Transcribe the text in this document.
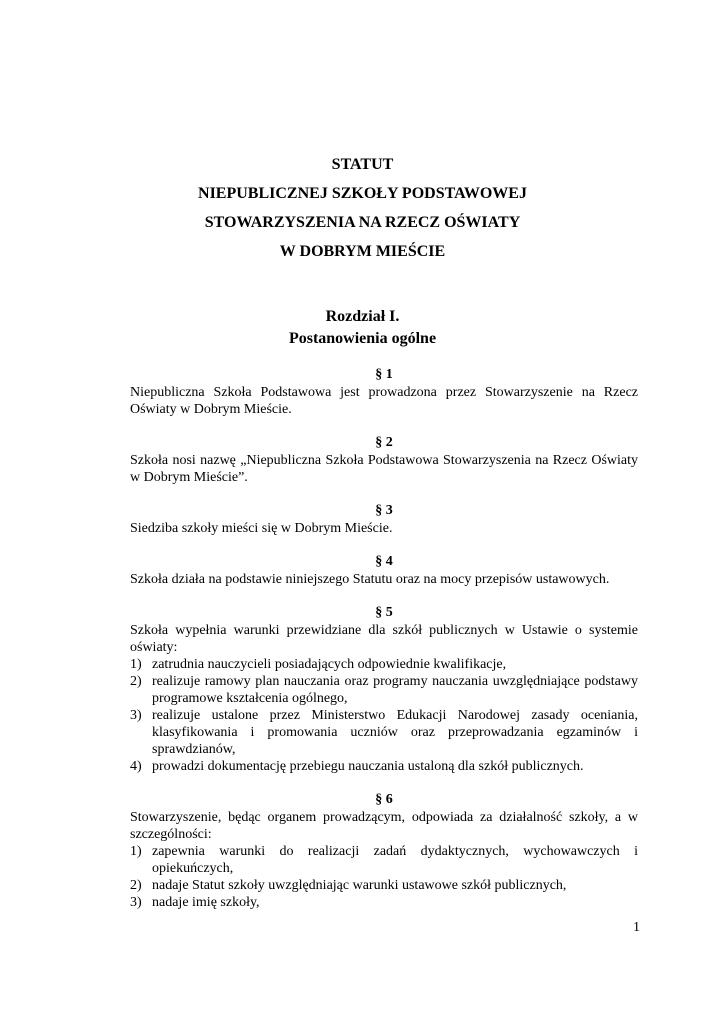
STATUT
NIEPUBLICZNEJ SZKOŁY PODSTAWOWEJ
STOWARZYSZENIA NA RZECZ OŚWIATY
W DOBRYM MIEŚCIE
Rozdział I.
Postanowienia ogólne
§ 1

Niepubliczna Szkoła Podstawowa jest prowadzona przez Stowarzyszenie na Rzecz Oświaty w Dobrym Mieście.

§ 2

Szkoła nosi nazwę „Niepubliczna Szkoła Podstawowa Stowarzyszenia na Rzecz Oświaty w Dobrym Mieście”.

§ 3

Siedziba szkoły mieści się w Dobrym Mieście.

§ 4

Szkoła działa na podstawie niniejszego Statutu oraz na mocy przepisów ustawowych.

§ 5

Szkoła wypełnia warunki przewidziane dla szkół publicznych w Ustawie o systemie oświaty:

1) zatrudnia nauczycieli posiadających odpowiednie kwalifikacje,
2) realizuje ramowy plan nauczania oraz programy nauczania uwzględniające podstawy programowe kształcenia ogólnego,
3) realizuje ustalone przez Ministerstwo Edukacji Narodowej zasady oceniania, klasyfikowania i promowania uczniów oraz przeprowadzania egzaminów i sprawdzianów,
4) prowadzi dokumentację przebiegu nauczania ustaloną dla szkół publicznych.
§ 6

Stowarzyszenie, będąc organem prowadzącym, odpowiada za działalność szkoły, a w szczególności:

1) zapewnia warunki do realizacji zadań dydaktycznych, wychowawczych i opiekuńczych,
2) nadaje Statut szkoły uwzględniając warunki ustawowe szkół publicznych,
3) nadaje imię szkoły,
1
